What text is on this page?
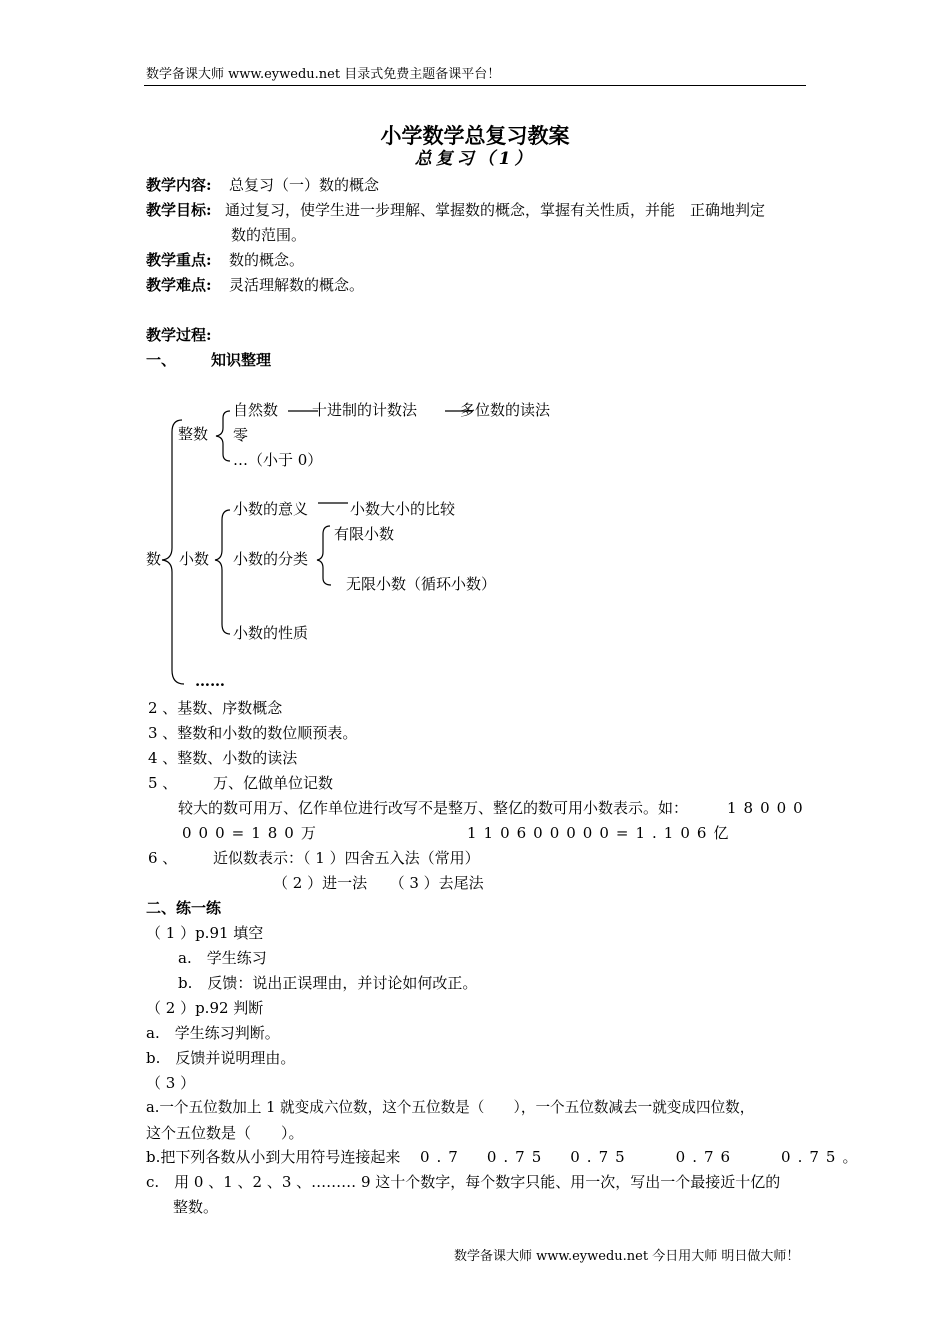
数学备课大师 www.eywedu.net 目录式免费主题备课平台！
小学数学总复习教案
总复习（1）
教学内容: 总复习（一）数的概念
教学目标: 通过复习，使学生进一步理解、掌握数的概念，掌握有关性质，并能　正确地判定
数的范围。
教学重点: 数的概念。
教学难点: 灵活理解数的概念。
教学过程:
一、 知识整理
数
整数
自然数 十进制的计数法	多位数的读法
零
…（小于 0）
小数
小数的意义	小数大小的比较
小数的分类
有限小数
无限小数（循环小数）
小数的性质
……
2 、基数、序数概念
3 、整数和小数的数位顺预表。
4 、整数、小数的读法
5 、 万、亿做单位记数
较大的数可用万、亿作单位进行改写不是整万、整亿的数可用小数表示。如：	18000
000=180万	110600000=1.106亿
6 、 近似数表示：（ 1 ）四舍五入法（常用）
（ 2 ）进一法　　（ 3 ）去尾法
二、练一练
（ 1 ）p.91 填空
a.　学生练习
b.　反馈：说出正误理由，并讨论如何改正。
（ 2 ）p.92 判断
a.　学生练习判断。
b.　反馈并说明理由。
（ 3 ）
a.一个五位数加上 1 就变成六位数，这个五位数是（　　），一个五位数减去一就变成四位数，
这个五位数是（　　）。
b.把下列各数从小到大用符号连接起来 0.7　0.75　0.75　　0.76　　0.75。
c.　用 0 、1 、2 、3 、……… 9 这十个数字，每个数字只能、用一次，写出一个最接近十亿的
整数。
数学备课大师 www.eywedu.net 今日用大师 明日做大师！
